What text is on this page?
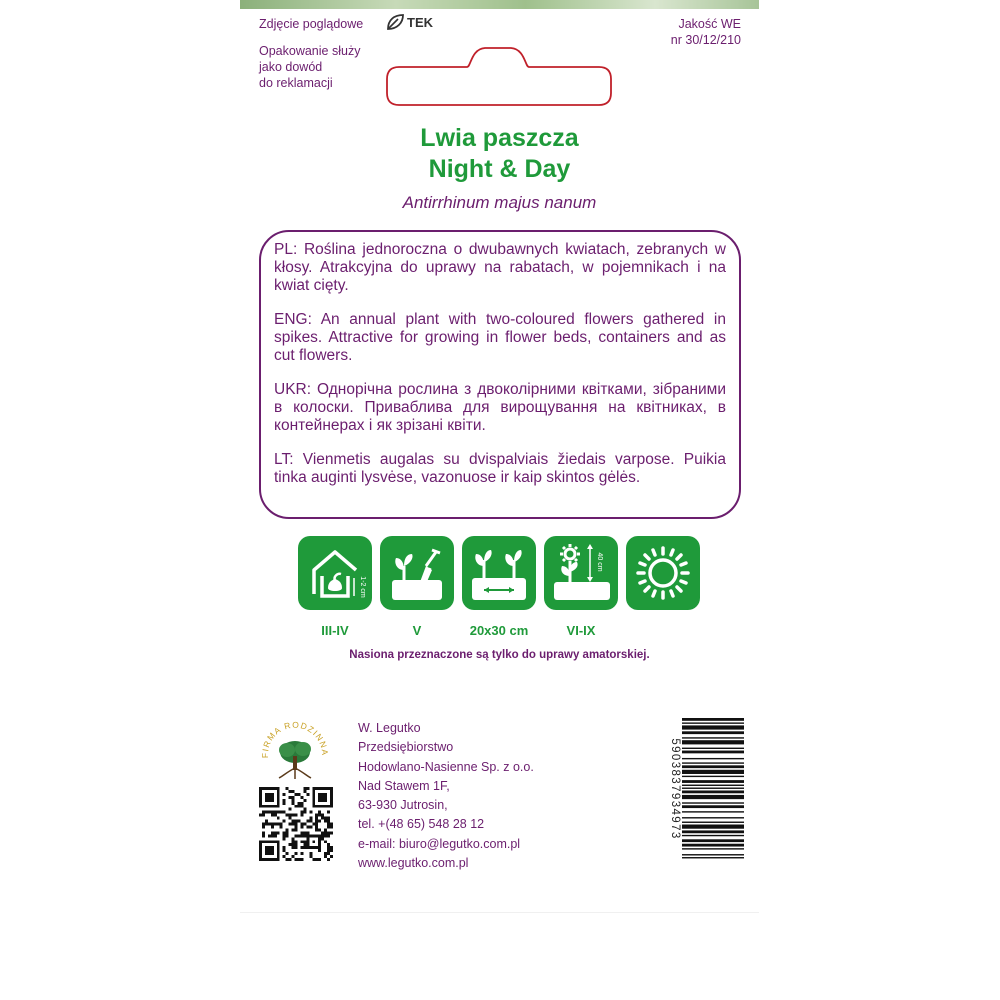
Zdjęcie poglądowe	TEK	Jakość WE
nr 30/12/210
Opakowanie służy
jako dowód
do reklamacji
Lwia paszcza
Night & Day
Antirrhinum majus nanum

PL: Roślina jednoroczna o dwubawnych kwiatach, zebranych w kłosy. Atrakcyjna do uprawy na rabatach, w pojemnikach i na kwiat cięty.

ENG: An annual plant with two-coloured flowers gathered in spikes. Attractive for growing in flower beds, containers and as cut flowers.

UKR: Однорічна рослина з двоколірними квітками, зібраними в колоски. Приваблива для вирощування на квітниках, в контейнерах і як зрізані квіти.

LT: Vienmetis augalas su dvispalviais žiedais varpose. Puikia tinka auginti lysvėse, vazonuose ir kaip skintos gėlės.

1-2 cm
40 cm
III-IV	V	20x30 cm	VI-IX
Nasiona przeznaczone są tylko do uprawy amatorskiej.
FIRMA RODZINNA
W. Legutko
Przedsiębiorstwo
Hodowlano-Nasienne Sp. z o.o.
Nad Stawem 1F,
63-930 Jutrosin,
tel. +(48 65) 548 28 12
e-mail: biuro@legutko.com.pl
www.legutko.com.pl
5903837934973
